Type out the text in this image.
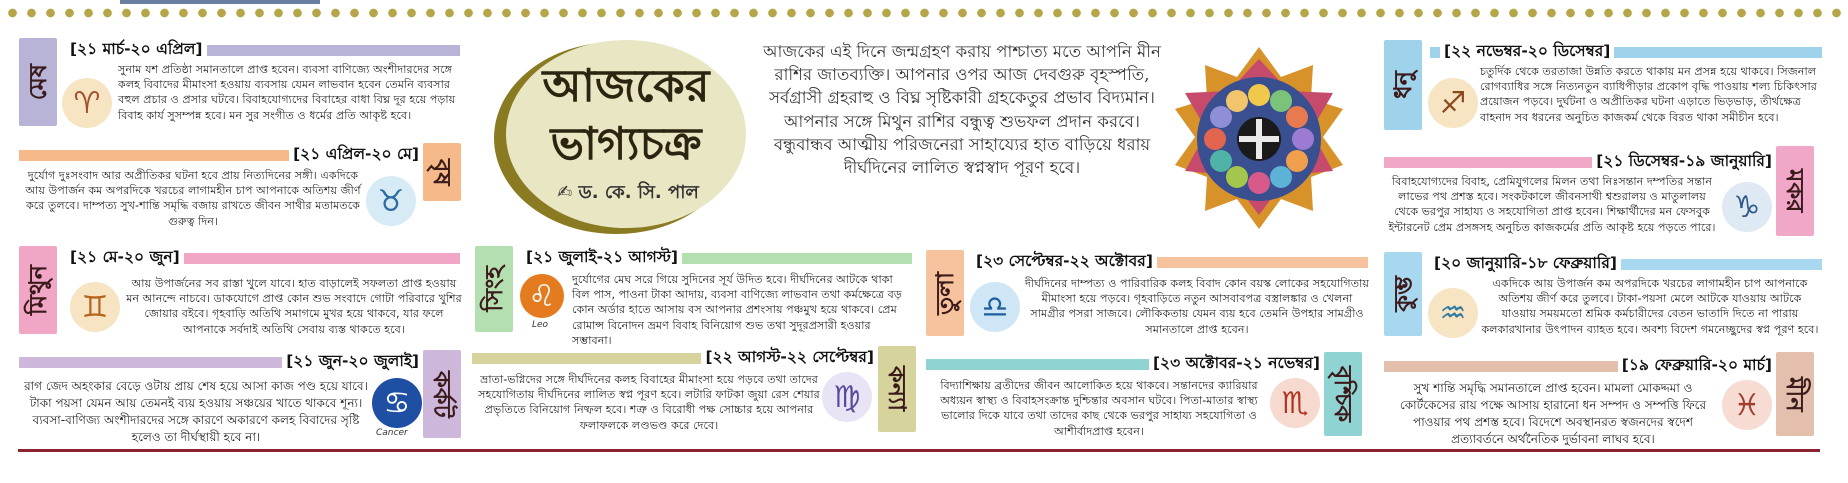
মেষ
[২১ মার্চ-২০ এপ্রিল]
♈
সুনাম যশ প্রতিষ্ঠা সমানতালে প্রাপ্ত হবেন। ব্যবসা বাণিজ্যে অংশীদারদের সঙ্গে কলহ বিবাদের মীমাংসা হওয়ায় ব্যবসায় যেমন লাভবান হবেন তেমনি ব্যবসার বহুল প্রচার ও প্রসার ঘটবে। বিবাহযোগ্যদের বিবাহের বাধা বিঘ্ন দূর হয়ে পড়ায় বিবাহ কার্য সুসম্পন্ন হবে। মন সুর সংগীত ও ধর্মের প্রতি আকৃষ্ট হবে।
[২১ এপ্রিল-২০ মে]
বৃষ
♉
দুর্যোগ দুঃসংবাদ আর অপ্রীতিকর ঘটনা হবে প্রায় নিত্যদিনের সঙ্গী। একদিকে আয় উপার্জন কম অপরদিকে খরচের লাগামহীন চাপ আপনাকে অতিশয় জীর্ণ করে তুলবে। দাম্পত্য সুখ-শান্তি সমৃদ্ধি বজায় রাখতে জীবন সাথীর মতামতকে গুরুত্ব দিন।
মিথুন
[২১ মে-২০ জুন]
♊
আয় উপার্জনের সব রাস্তা খুলে যাবে। হাত বাড়ালেই সফলতা প্রাপ্ত হওয়ায় মন আনন্দে নাচবে। ডাকযোগে প্রাপ্ত কোন শুভ সংবাদে গোটা পরিবারে খুশির জোয়ার বইবে। গৃহবাড়ি অতিথি সমাগমে মুখর হয়ে থাকবে, যার ফলে আপনাকে সর্বদাই অতিথি সেবায় ব্যস্ত থাকতে হবে।
[২১ জুন-২০ জুলাই]
কর্কট
♋
Cancer
রাগ জেদ অহংকার বেড়ে ওটায় প্রায় শেষ হয়ে আসা কাজ পণ্ড হয়ে যাবে। টাকা পয়সা যেমন আয় তেমনই ব্যয় হওয়ায় সঞ্চয়ের খাতে থাকবে শূন্য। ব্যবসা-বাণিজ্য অংশীদারদের সঙ্গে কারণে অকারণে কলহ বিবাদের সৃষ্টি হলেও তা দীর্ঘস্থায়ী হবে না।
আজকের
ভাগ্যচক্র
✍ ড. কে. সি. পাল
আজকের এই দিনে জন্মগ্রহণ করায় পাশ্চাত্য মতে আপনি মীন রাশির জাতব্যক্তি। আপনার ওপর আজ দেবগুরু বৃহস্পতি, সর্বগ্রাসী গ্রহরাহু ও বিঘ্ন সৃষ্টিকারী গ্রহকেতুর প্রভাব বিদ্যমান। আপনার সঙ্গে মিথুন রাশির বন্ধুত্ব শুভফল প্রদান করবে। বন্ধুবান্ধব আত্মীয় পরিজনেরা সাহায্যের হাত বাড়িয়ে ধরায় দীর্ঘদিনের লালিত স্বপ্নস্বাদ পূরণ হবে।
সিংহ
[২১ জুলাই-২১ আগস্ট]
♌
Leo
দুর্যোগের মেঘ সরে গিয়ে সুদিনের সূর্য উদিত হবে। দীর্ঘদিনের আটকে থাকা বিল পাস, পাওনা টাকা আদায়, ব্যবসা বাণিজ্যে লাভবান তথা কর্মক্ষেত্রে বড় কোন অর্ডার হাতে আসায় বস আপনার প্রশংসায় পঞ্চমুখ হয়ে থাকবে। প্রেম রোমান্স বিনোদন ভ্রমণ বিবাহ বিনিয়োগ শুভ তথা সুদূরপ্রসারী হওয়ার সম্ভাবনা।
[২২ আগস্ট-২২ সেপ্টেম্বর]
কন্যা
♍
ভ্রাতা-ভগ্নিদের সঙ্গে দীর্ঘদিনের কলহ বিবাহের মীমাংসা হয়ে পড়বে তথা তাদের সহযোগিতায় দীর্ঘদিনের লালিত স্বপ্ন পূরণ হবে। লটারি ফাটকা জুয়া রেস শেয়ার প্রভৃতিতে বিনিয়োগ নিষ্ফল হবে। শত্রু ও বিরোধী পক্ষ সোচ্চার হয়ে আপনার ফলাফলকে লণ্ডভণ্ড করে দেবে।
তুলা
[২৩ সেপ্টেম্বর-২২ অক্টোবর]
♎
দীর্ঘদিনের দাম্পত্য ও পারিবারিক কলহ বিবাদ কোন বয়স্ক লোকের সহযোগিতায় মীমাংসা হয়ে পড়বে। গৃহবাড়িতে নতুন আসবাবপত্র বস্ত্রালঙ্কার ও খেলনা সামগ্রীর পসরা সাজবে। লৌকিকতায় যেমন ব্যয় হবে তেমনি উপহার সামগ্রীও সমানতালে প্রাপ্ত হবেন।
[২৩ অক্টোবর-২১ নভেম্বর]
বৃশ্চিক
♏
বিদ্যাশিক্ষায় ব্রতীদের জীবন আলোকিত হয়ে থাকবে। সন্তানদের ক্যারিয়ার অধ্যয়ন স্বাস্থ্য ও বিবাহসংক্রান্ত দুশ্চিন্তার অবসান ঘটবে। পিতা-মাতার স্বাস্থ্য ভালোর দিকে যাবে তথা তাদের কাছ থেকে ভরপুর সাহায্য সহযোগিতা ও আশীর্বাদপ্রাপ্ত হবেন।
ধনু
[২২ নভেম্বর-২০ ডিসেম্বর]
♐
চতুর্দিক থেকে তরতাজা উন্নতি করতে থাকায় মন প্রসন্ন হয়ে থাকবে। সিজনাল রোগব্যাধির সঙ্গে নিত্যনতুন ব্যাধিপীড়ার প্রকোপ বৃদ্ধি পাওয়ায় শল্য চিকিৎসার প্রয়োজন পড়বে। দুর্ঘটনা ও অপ্রীতিকর ঘটনা এড়াতে ভিড়ভাড়, তীর্থক্ষেত্র বাহনাদ সব ধরনের অনুচিত কাজকর্ম থেকে বিরত থাকা সমীচীন হবে।
[২১ ডিসেম্বর-১৯ জানুয়ারি]
মকর
♑
বিবাহযোগ্যদের বিবাহ, প্রেমিযুগলের মিলন তথা নিঃসন্তান দম্পতির সন্তান লাভের পথ প্রশস্ত হবে। সংকটকালে জীবনসাথী শ্বশুরালয় ও মাতুলালয় থেকে ভরপুর সাহায্য ও সহযোগিতা প্রাপ্ত হবেন। শিক্ষার্থীদের মন ফেসবুক ইন্টারনেট প্রেম প্রসঙ্গসহ অনুচিত কাজকর্মের প্রতি আকৃষ্ট হয়ে পড়তে পারে।
কুম্ভ
[২০ জানুয়ারি-১৮ ফেব্রুয়ারি]
♒
একদিকে আয় উপার্জন কম অপরদিকে খরচের লাগামহীন চাপ আপনাকে অতিশয় জীর্ণ করে তুলবে। টাকা-পয়সা মেলে আটকে যাওয়ায় আটকে যাওয়ায় সময়মতো শ্রমিক কর্মচারীদের বেতন ভাতাদি দিতে না পারায় কলকারখানার উৎপাদন ব্যাহত হবে। অবশ্য বিদেশ গমনেচ্ছুদের স্বপ্ন পূরণ হবে।
[১৯ ফেব্রুয়ারি-২০ মার্চ]
মীন
♓
সুখ শান্তি সমৃদ্ধি সমানতালে প্রাপ্ত হবেন। মামলা মোকদ্দমা ও কোর্টকেসের রায় পক্ষে আসায় হারানো ধন সম্পদ ও সম্পত্তি ফিরে পাওয়ার পথ প্রশস্ত হবে। বিদেশে অবস্থানরত স্বজনদের স্বদেশ প্রত্যাবর্তনে অর্থনৈতিক দুর্ভাবনা লাঘব হবে।
